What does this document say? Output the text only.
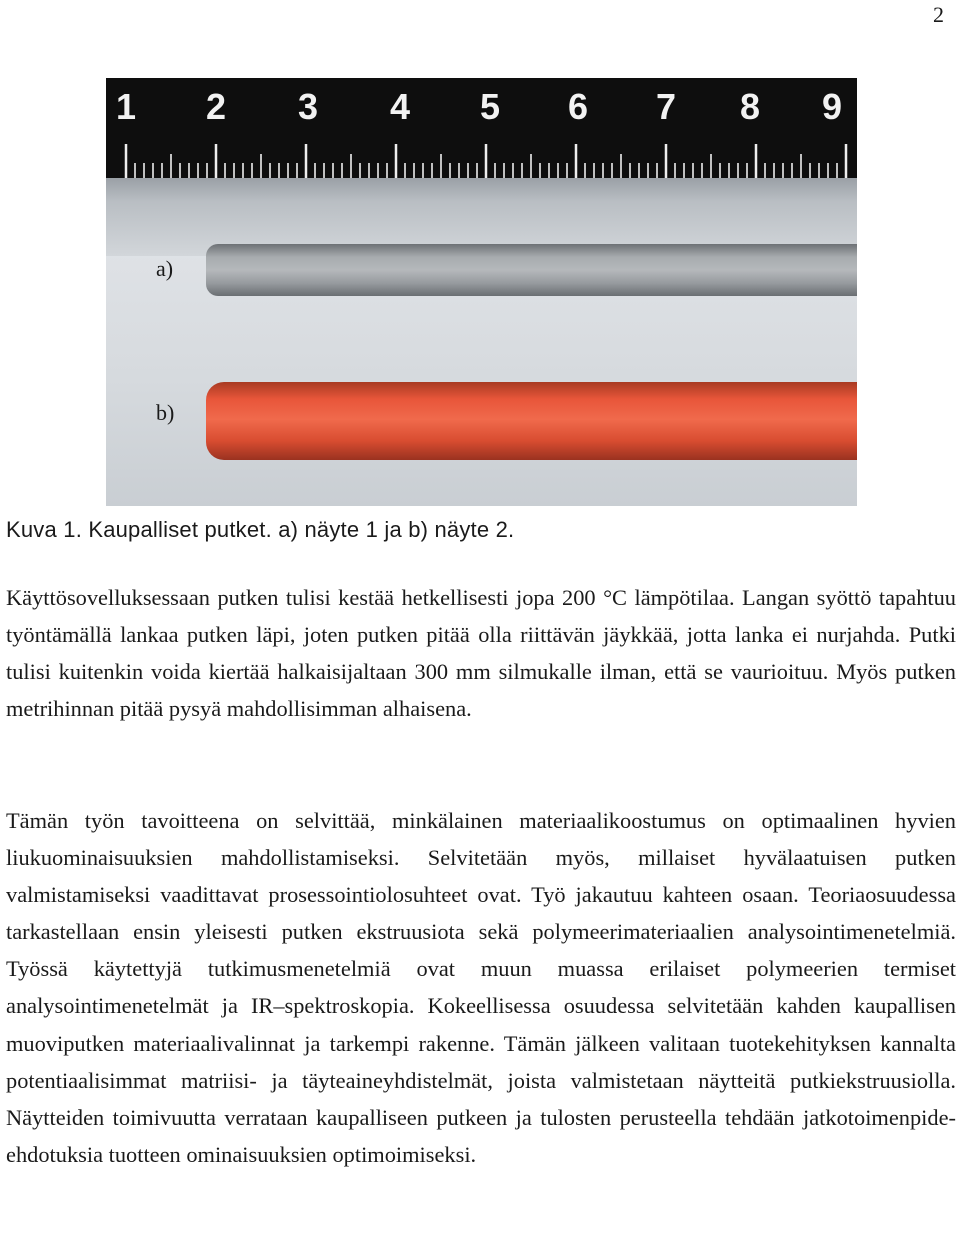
2
1 2 3 4 5 6 7 8 9
a)
b)
Kuva 1. Kaupalliset putket. a) näyte 1 ja b) näyte 2.

Käyttösovelluksessaan putken tulisi kestää hetkellisesti jopa 200 °C lämpötilaa. Langan syöttö tapahtuu työntämällä lankaa putken läpi, joten putken pitää olla riittävän jäykkää, jotta lanka ei nurjahda. Putki tulisi kuitenkin voida kiertää halkaisijaltaan 300 mm silmukalle ilman, että se vaurioituu. Myös putken metrihinnan pitää pysyä mahdollisimman alhaisena.

Tämän työn tavoitteena on selvittää, minkälainen materiaalikoostumus on optimaalinen hyvien liukuominaisuuksien mahdollistamiseksi. Selvitetään myös, millaiset hyvälaatuisen putken valmistamiseksi vaadittavat prosessointiolosuhteet ovat. Työ jakautuu kahteen osaan. Teoriaosuudessa tarkastellaan ensin yleisesti putken ekstruusiota sekä polymeerimateriaalien analysointimenetelmiä. Työssä käytettyjä tutkimusmenetelmiä ovat muun muassa erilaiset polymeerien termiset analysointimenetelmät ja IR–spektroskopia. Kokeellisessa osuudessa selvitetään kahden kaupallisen muoviputken materiaalivalinnat ja tarkempi rakenne. Tämän jälkeen valitaan tuotekehityksen kannalta potentiaalisimmat matriisi- ja täyteaineyhdistelmät, joista valmistetaan näytteitä putkiekstruusiolla. Näytteiden toimivuutta verrataan kaupalliseen putkeen ja tulosten perusteella tehdään jatkotoimenpide-ehdotuksia tuotteen ominaisuuksien optimoimiseksi.
